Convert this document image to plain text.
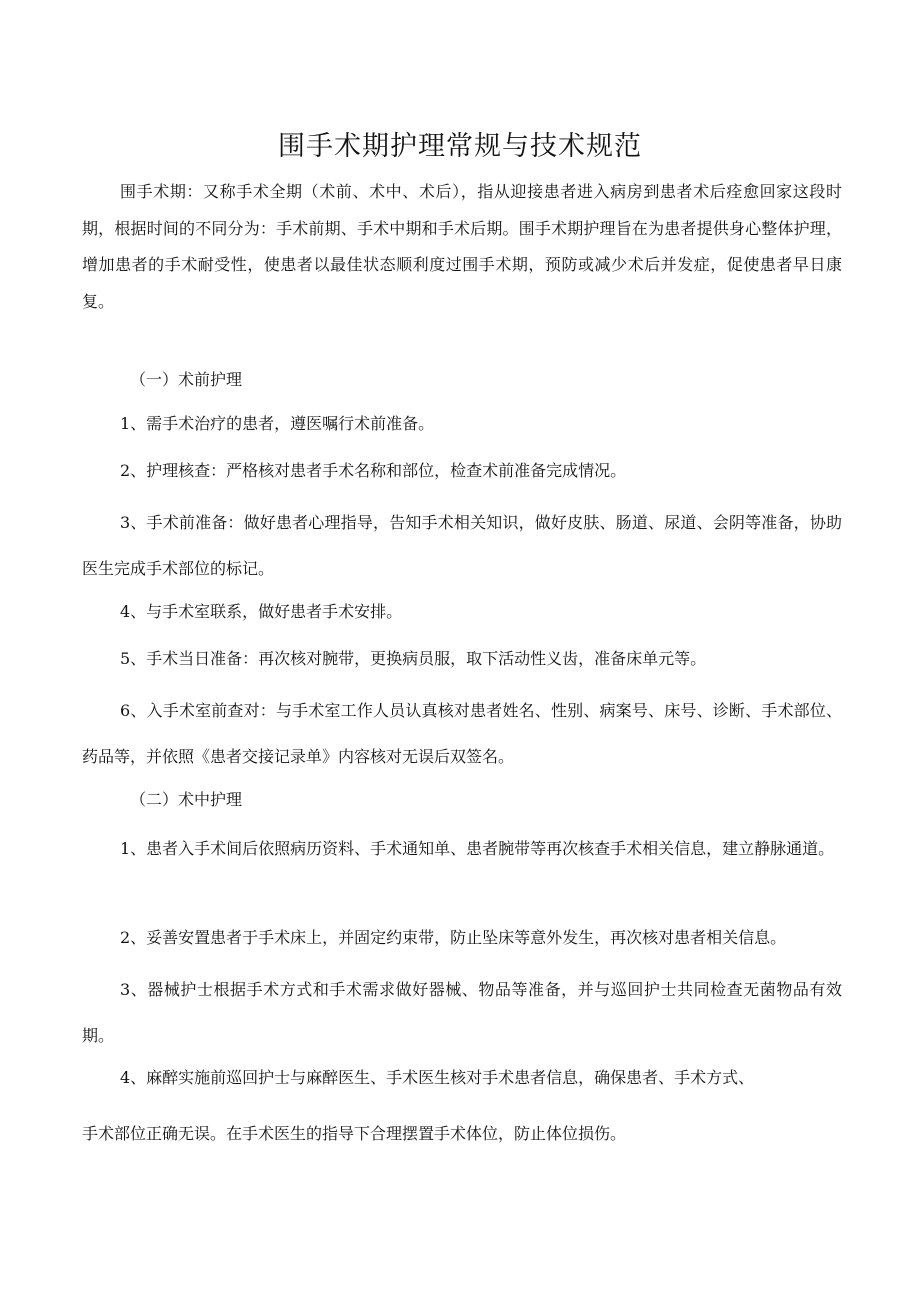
围手术期护理常规与技术规范

围手术期：又称手术全期（术前、术中、术后），指从迎接患者进入病房到患者术后痊愈回家这段时期，根据时间的不同分为：手术前期、手术中期和手术后期。围手术期护理旨在为患者提供身心整体护理，增加患者的手术耐受性，使患者以最佳状态顺利度过围手术期，预防或减少术后并发症，促使患者早日康复。

（一）术前护理

1、需手术治疗的患者，遵医嘱行术前准备。

2、护理核查：严格核对患者手术名称和部位，检查术前准备完成情况。

3、手术前准备：做好患者心理指导，告知手术相关知识，做好皮肤、肠道、尿道、会阴等准备，协助医生完成手术部位的标记。

4、与手术室联系，做好患者手术安排。

5、手术当日准备：再次核对腕带，更换病员服，取下活动性义齿，准备床单元等。

6、入手术室前查对：与手术室工作人员认真核对患者姓名、性别、病案号、床号、诊断、手术部位、药品等，并依照《患者交接记录单》内容核对无误后双签名。

（二）术中护理

1、患者入手术间后依照病历资料、手术通知单、患者腕带等再次核查手术相关信息，建立静脉通道。

2、妥善安置患者于手术床上，并固定约束带，防止坠床等意外发生，再次核对患者相关信息。

3、器械护士根据手术方式和手术需求做好器械、物品等准备，并与巡回护士共同检查无菌物品有效期。

4、麻醉实施前巡回护士与麻醉医生、手术医生核对手术患者信息，确保患者、手术方式、

手术部位正确无误。在手术医生的指导下合理摆置手术体位，防止体位损伤。
